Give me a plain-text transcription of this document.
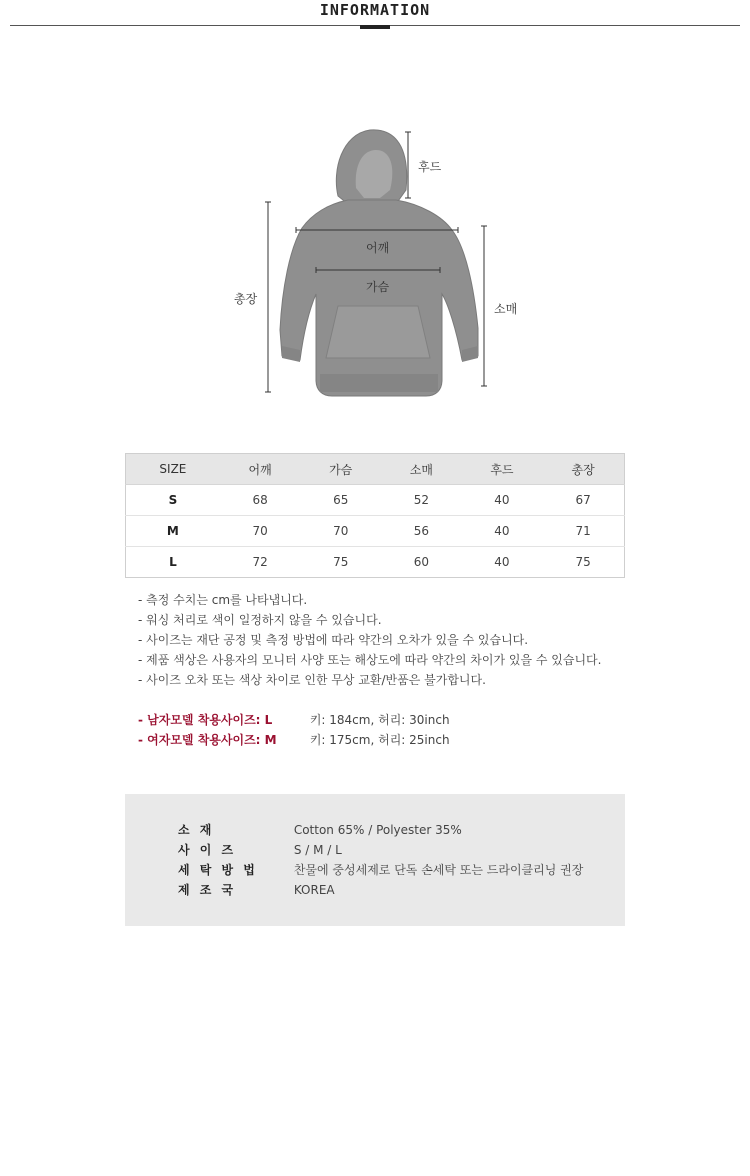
INFORMATION
후드
어깨
가슴
총장
소매
SIZE	어깨	가슴	소매	후드	총장
S	68	65	52	40	67
M	70	70	56	40	71
L	72	75	60	40	75
- 측정 수치는 cm를 나타냅니다.
- 워싱 처리로 색이 일정하지 않을 수 있습니다.
- 사이즈는 재단 공정 및 측정 방법에 따라 약간의 오차가 있을 수 있습니다.
- 제품 색상은 사용자의 모니터 사양 또는 해상도에 따라 약간의 차이가 있을 수 있습니다.
- 사이즈 오차 또는 색상 차이로 인한 무상 교환/반품은 불가합니다.
- 남자모델 착용사이즈: L	키: 184cm, 허리: 30inch
- 여자모델 착용사이즈: M	키: 175cm, 허리: 25inch
소 재	Cotton 65% / Polyester 35%
사 이 즈	S / M / L
세 탁 방 법	찬물에 중성세제로 단독 손세탁 또는 드라이클리닝 권장
제 조 국	KOREA
